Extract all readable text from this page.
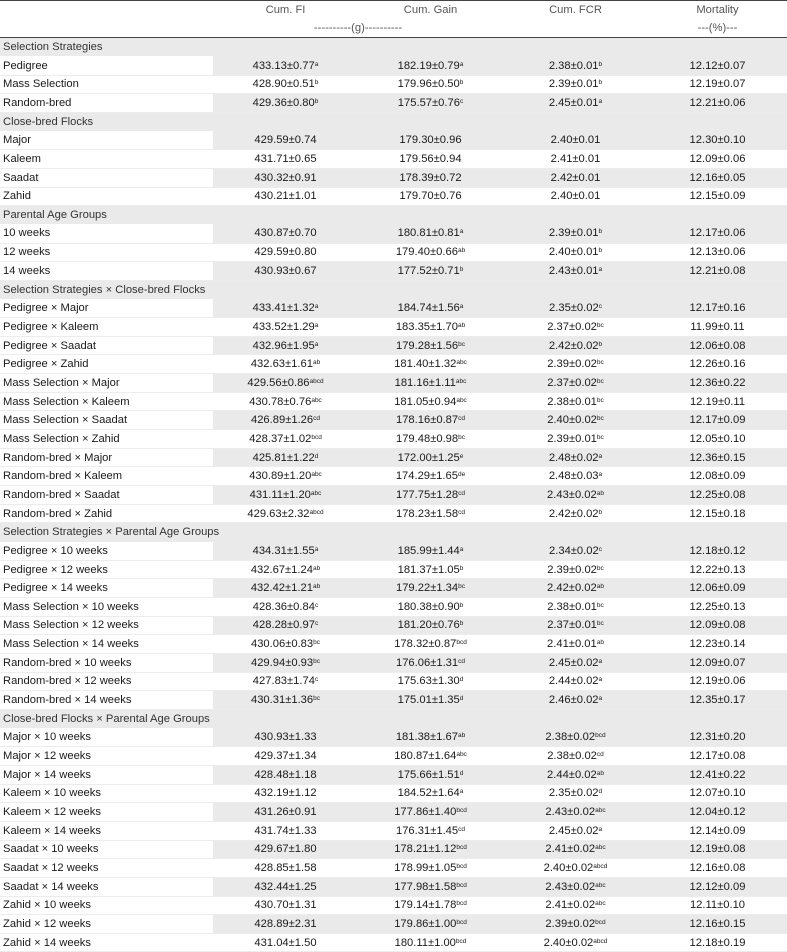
	Cum. FI	Cum. Gain	Cum. FCR	Mortality
	----------(g)----------			---(%)---
Selection Strategies				
Pedigree	433.13±0.77$^a$	182.19±0.79$^a$	2.38±0.01$^b$	12.12±0.07
Mass Selection	428.90±0.51$^b$	179.96±0.50$^b$	2.39±0.01$^b$	12.19±0.07
Random-bred	429.36±0.80$^b$	175.57±0.76$^c$	2.45±0.01$^a$	12.21±0.06
Close-bred Flocks				
Major	429.59±0.74	179.30±0.96	2.40±0.01	12.30±0.10
Kaleem	431.71±0.65	179.56±0.94	2.41±0.01	12.09±0.06
Saadat	430.32±0.91	178.39±0.72	2.42±0.01	12.16±0.05
Zahid	430.21±1.01	179.70±0.76	2.40±0.01	12.15±0.09
Parental Age Groups				
10 weeks	430.87±0.70	180.81±0.81$^a$	2.39±0.01$^b$	12.17±0.06
12 weeks	429.59±0.80	179.40±0.66$^{ab}$	2.40±0.01$^b$	12.13±0.06
14 weeks	430.93±0.67	177.52±0.71$^b$	2.43±0.01$^a$	12.21±0.08
Selection Strategies × Close-bred Flocks				
Pedigree × Major	433.41±1.32$^a$	184.74±1.56$^a$	2.35±0.02$^c$	12.17±0.16
Pedigree × Kaleem	433.52±1.29$^a$	183.35±1.70$^{ab}$	2.37±0.02$^{bc}$	11.99±0.11
Pedigree × Saadat	432.96±1.95$^a$	179.28±1.56$^{bc}$	2.42±0.02$^b$	12.06±0.08
Pedigree × Zahid	432.63±1.61$^{ab}$	181.40±1.32$^{abc}$	2.39±0.02$^{bc}$	12.26±0.16
Mass Selection × Major	$429.56\pm 0.86^{abcd}$	181.16±1.11$^{abc}$	2.37±0.02$^{bc}$	12.36±0.22
Mass Selection × Kaleem	430.78±0.76$^{abc}$	181.05±0.94$^{abc}$	2.38±0.01$^{bc}$	12.19±0.11
Mass Selection × Saadat	426.89±1.26$^{cd}$	178.16±0.87$^{cd}$	2.40±0.02$^{bc}$	12.17±0.09
Mass Selection × Zahid	428.37±1.02$^{bcd}$	179.48±0.98$^{bc}$	2.39±0.01$^{bc}$	12.05±0.10
Random-bred × Major	425.81±1.22$^d$	172.00±1.25$^e$	2.48±0.02$^a$	12.36±0.15
Random-bred × Kaleem	430.89±1.20$^{abc}$	174.29±1.65de	2.48±0.03$^a$	12.08±0.09
Random-bred × Saadat	431.11±1.20$^{abc}$	177.75±1.28$^{cd}$	2.43±0.02$^{ab}$	12.25±0.08
Random-bred × Zahid	$429.63\pm 2.32^{abcd}$	178.23±1.58$^{cd}$	2.42±0.02$^b$	12.15±0.18
Selection Strategies × Parental Age Groups				
Pedigree × 10 weeks	434.31±1.55$^a$	185.99±1.44$^a$	2.34±0.02$^c$	12.18±0.12
Pedigree × 12 weeks	432.67±1.24$^{ab}$	181.37±1.05$^b$	2.39±0.02$^{bc}$	12.22±0.13
Pedigree × 14 weeks	432.42±1.21$^{ab}$	179.22±1.34$^{bc}$	2.42±0.02$^{ab}$	12.06±0.09
Mass Selection × 10 weeks	428.36±0.84$^c$	180.38±0.90$^b$	2.38±0.01$^{bc}$	12.25±0.13
Mass Selection × 12 weeks	428.28±0.97$^c$	181.20±0.76$^b$	2.37±0.01$^{bc}$	12.09±0.08
Mass Selection × 14 weeks	430.06±0.83$^{bc}$	178.32±0.87$^{bcd}$	2.41±0.01$^{ab}$	12.23±0.14
Random-bred × 10 weeks	429.94±0.93$^{bc}$	176.06±1.31$^{cd}$	2.45±0.02$^a$	12.09±0.07
Random-bred × 12 weeks	427.83±1.74$^c$	175.63±1.30$^d$	2.44±0.02$^a$	12.19±0.06
Random-bred × 14 weeks	430.31±1.36$^{bc}$	175.01±1.35$^d$	2.46±0.02$^a$	12.35±0.17
Close-bred Flocks × Parental Age Groups				
Major × 10 weeks	430.93±1.33	181.38±1.67$^{ab}$	2.38±0.02$^{bcd}$	12.31±0.20
Major × 12 weeks	429.37±1.34	180.87±1.64$^{abc}$	2.38±0.02$^{cd}$	12.17±0.08
Major × 14 weeks	428.48±1.18	175.66±1.51$^d$	2.44±0.02$^{ab}$	12.41±0.22
Kaleem × 10 weeks	432.19±1.12	184.52±1.64$^a$	2.35±0.02$^d$	12.07±0.10
Kaleem × 12 weeks	431.26±0.91	177.86±1.40$^{bcd}$	2.43±0.02$^{abc}$	12.04±0.12
Kaleem × 14 weeks	431.74±1.33	176.31±1.45$^{cd}$	2.45±0.02$^a$	12.14±0.09
Saadat × 10 weeks	429.67±1.80	178.21±1.12$^{bcd}$	2.41±0.02$^{abc}$	12.19±0.08
Saadat × 12 weeks	428.85±1.58	178.99±1.05$^{bcd}$	$2.40\pm 0.02^{abcd}$	12.16±0.08
Saadat × 14 weeks	432.44±1.25	177.98±1.58$^{bcd}$	2.43±0.02$^{abc}$	12.12±0.09
Zahid × 10 weeks	430.70±1.31	179.14±1.78$^{bcd}$	2.41±0.02$^{abc}$	12.11±0.10
Zahid × 12 weeks	428.89±2.31	179.86±1.00$^{bcd}$	2.39±0.02$^{bcd}$	12.16±0.15
Zahid × 14 weeks	431.04±1.50	180.11±1.00$^{bcd}$	$2.40\pm 0.02^{abcd}$	12.18±0.19
